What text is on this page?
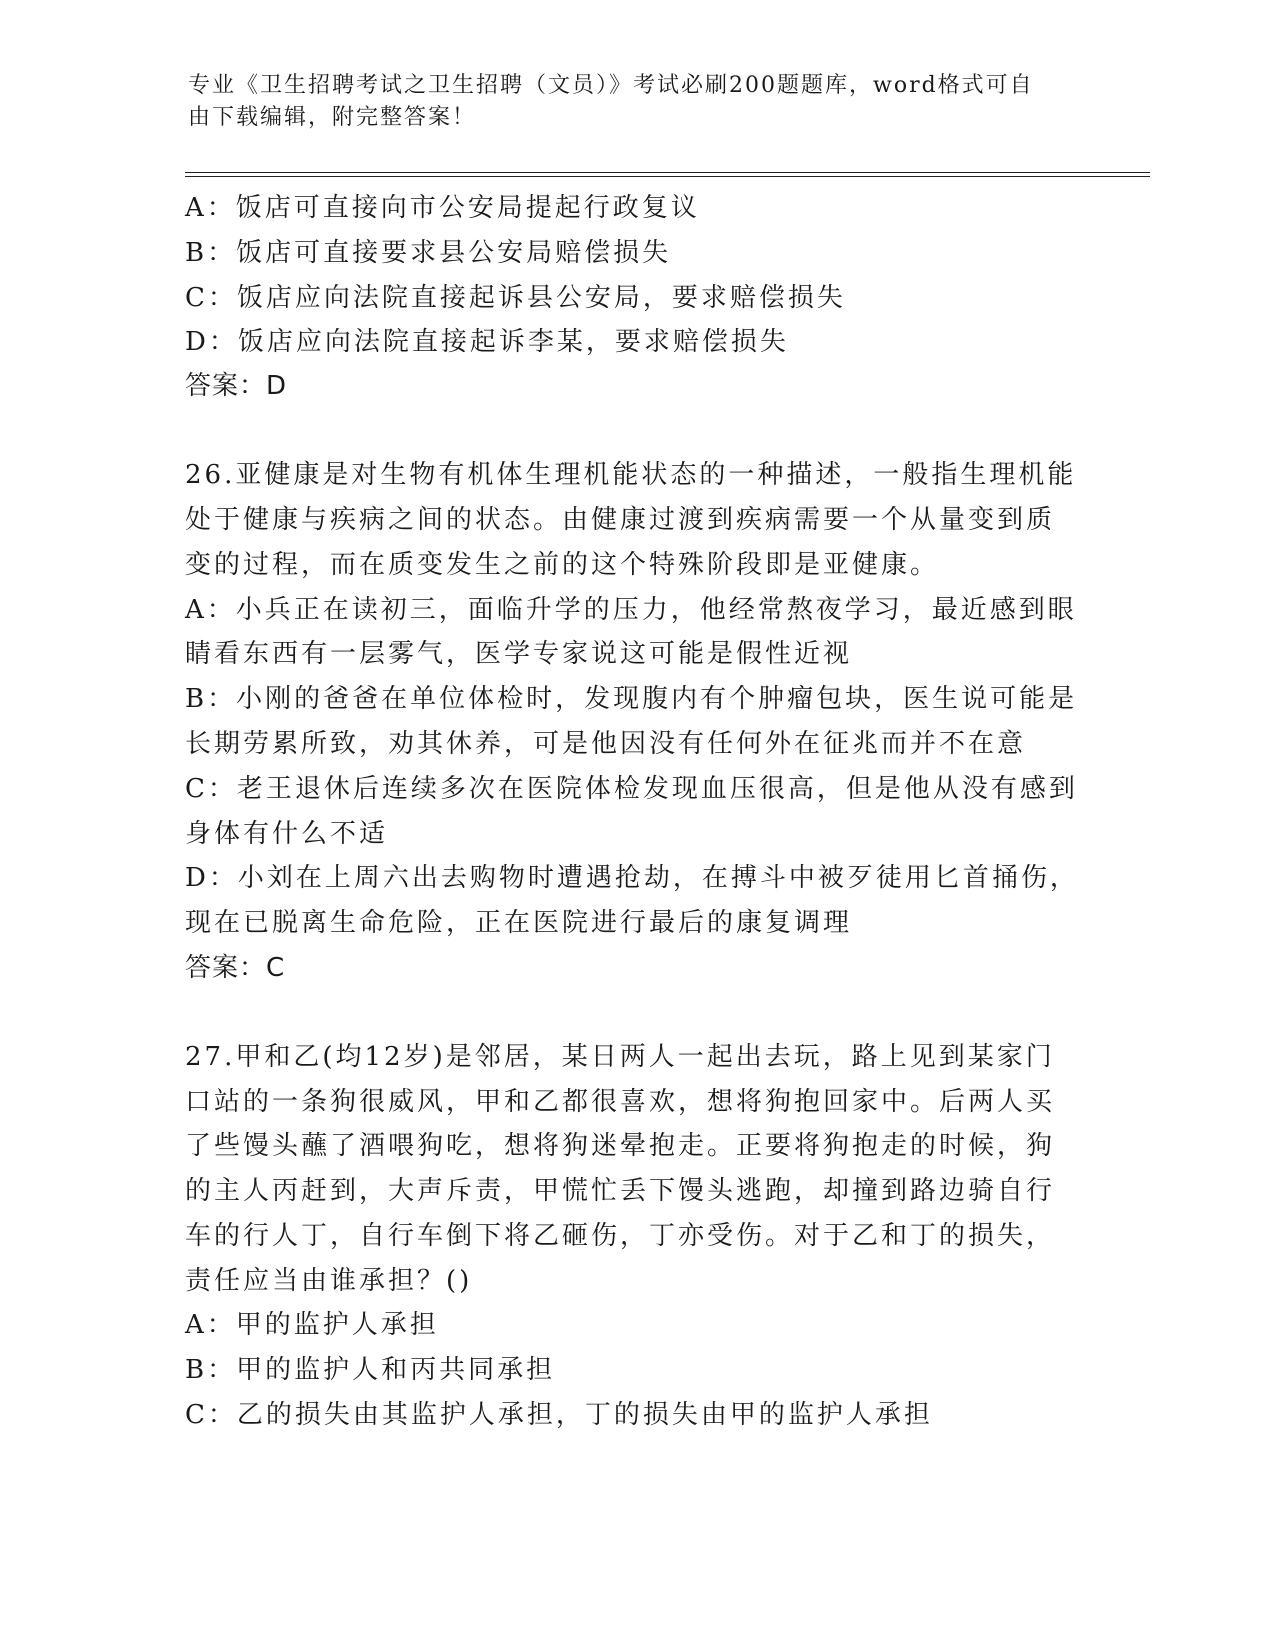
专业《卫生招聘考试之卫生招聘（文员）》考试必刷200题题库，word格式可自
由下载编辑，附完整答案！
A：饭店可直接向市公安局提起行政复议
B：饭店可直接要求县公安局赔偿损失
C：饭店应向法院直接起诉县公安局，要求赔偿损失
D：饭店应向法院直接起诉李某，要求赔偿损失
答案：D
26.亚健康是对生物有机体生理机能状态的一种描述，一般指生理机能
处于健康与疾病之间的状态。由健康过渡到疾病需要一个从量变到质
变的过程，而在质变发生之前的这个特殊阶段即是亚健康。
A：小兵正在读初三，面临升学的压力，他经常熬夜学习，最近感到眼
睛看东西有一层雾气，医学专家说这可能是假性近视
B：小刚的爸爸在单位体检时，发现腹内有个肿瘤包块，医生说可能是
长期劳累所致，劝其休养，可是他因没有任何外在征兆而并不在意
C：老王退休后连续多次在医院体检发现血压很高，但是他从没有感到
身体有什么不适
D：小刘在上周六出去购物时遭遇抢劫，在搏斗中被歹徒用匕首捅伤，
现在已脱离生命危险，正在医院进行最后的康复调理
答案：C
27.甲和乙(均12岁)是邻居，某日两人一起出去玩，路上见到某家门
口站的一条狗很威风，甲和乙都很喜欢，想将狗抱回家中。后两人买
了些馒头蘸了酒喂狗吃，想将狗迷晕抱走。正要将狗抱走的时候，狗
的主人丙赶到，大声斥责，甲慌忙丢下馒头逃跑，却撞到路边骑自行
车的行人丁，自行车倒下将乙砸伤，丁亦受伤。对于乙和丁的损失，
责任应当由谁承担？()
A：甲的监护人承担
B：甲的监护人和丙共同承担
C：乙的损失由其监护人承担，丁的损失由甲的监护人承担
